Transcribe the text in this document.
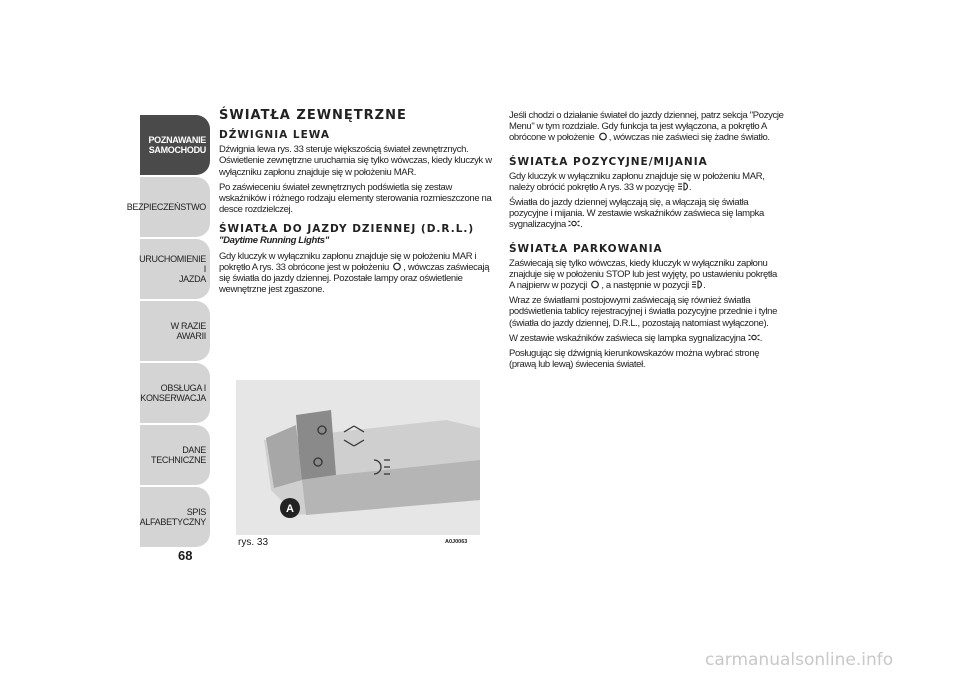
POZNAWANIE
SAMOCHODU
BEZPIECZEŃSTWO
URUCHOMIENIE I
JAZDA
W RAZIE AWARII
OBSŁUGA I
KONSERWACJA
DANE TECHNICZNE
SPIS ALFABETYCZNY
68
ŚWIATŁA ZEWNĘTRZNE
DŹWIGNIA LEWA

Dźwignia lewa rys. 33 steruje większością świateł zewnętrznych. Oświetlenie zewnętrzne uruchamia się tylko wówczas, kiedy kluczyk w wyłączniku zapłonu znajduje się w położeniu MAR.

Po zaświeceniu świateł zewnętrznych podświetla się zestaw wskaźników i różnego rodzaju elementy sterowania rozmieszczone na desce rozdzielczej.

ŚWIATŁA DO JAZDY DZIENNEJ (D.R.L.)

"Daytime Running Lights"

Gdy kluczyk w wyłączniku zapłonu znajduje się w położeniu MAR i pokrętło A rys. 33 obrócone jest w położeniu , wówczas zaświecają się światła do jazdy dziennej. Pozostałe lampy oraz oświetlenie wewnętrzne jest zgaszone.

A
rys. 33	A0J0063

Jeśli chodzi o działanie świateł do jazdy dziennej, patrz sekcja "Pozycje Menu" w tym rozdziale. Gdy funkcja ta jest wyłączona, a pokrętło A obrócone w położenie , wówczas nie zaświeci się żadne światło.

ŚWIATŁA POZYCYJNE/MIJANIA

Gdy kluczyk w wyłączniku zapłonu znajduje się w położeniu MAR, należy obrócić pokrętło A rys. 33 w pozycję .

Światła do jazdy dziennej wyłączają się, a włączają się światła pozycyjne i mijania. W zestawie wskaźników zaświeca się lampka sygnalizacyjna .

ŚWIATŁA PARKOWANIA

Zaświecają się tylko wówczas, kiedy kluczyk w wyłączniku zapłonu znajduje się w położeniu STOP lub jest wyjęty, po ustawieniu pokrętła A najpierw w pozycji , a następnie w pozycji .

Wraz ze światłami postojowymi zaświecają się również światła podświetlenia tablicy rejestracyjnej i światła pozycyjne przednie i tylne (światła do jazdy dziennej, D.R.L., pozostają natomiast wyłączone).

W zestawie wskaźników zaświeca się lampka sygnalizacyjna .

Posługując się dźwignią kierunkowskazów można wybrać stronę (prawą lub lewą) świecenia świateł.

carmanualsonline.info
